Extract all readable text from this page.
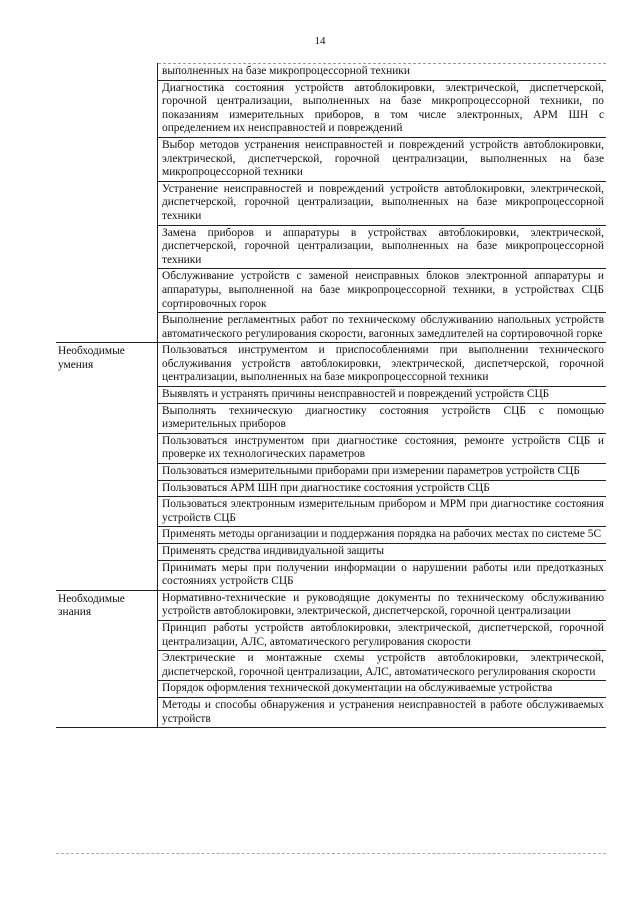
14
выполненных на базе микропроцессорной техники
Диагностика состояния устройств автоблокировки, электрической, диспетчерской, горочной централизации, выполненных на базе микропроцессорной техники, по показаниям измерительных приборов, в том числе электронных, АРМ ШН с определением их неисправностей и повреждений
Выбор методов устранения неисправностей и повреждений устройств автоблокировки, электрической, диспетчерской, горочной централизации, выполненных на базе микропроцессорной техники
Устранение неисправностей и повреждений устройств автоблокировки, электрической, диспетчерской, горочной централизации, выполненных на базе микропроцессорной техники
Замена приборов и аппаратуры в устройствах автоблокировки, электрической, диспетчерской, горочной централизации, выполненных на базе микропроцессорной техники
Обслуживание устройств с заменой неисправных блоков электронной аппаратуры и аппаратуры, выполненной на базе микропроцессорной техники, в устройствах СЦБ сортировочных горок
Выполнение регламентных работ по техническому обслуживанию напольных устройств автоматического регулирования скорости, вагонных замедлителей на сортировочной горке
Необходимые умения
Пользоваться инструментом и приспособлениями при выполнении технического обслуживания устройств автоблокировки, электрической, диспетчерской, горочной централизации, выполненных на базе микропроцессорной техники
Выявлять и устранять причины неисправностей и повреждений устройств СЦБ
Выполнять техническую диагностику состояния устройств СЦБ с помощью измерительных приборов
Пользоваться инструментом при диагностике состояния, ремонте устройств СЦБ и проверке их технологических параметров
Пользоваться измерительными приборами при измерении параметров устройств СЦБ
Пользоваться АРМ ШН при диагностике состояния устройств СЦБ
Пользоваться электронным измерительным прибором и МРМ при диагностике состояния устройств СЦБ
Применять методы организации и поддержания порядка на рабочих местах по системе 5С
Применять средства индивидуальной защиты
Принимать меры при получении информации о нарушении работы или предотказных состояниях устройств СЦБ
Необходимые знания
Нормативно-технические и руководящие документы по техническому обслуживанию устройств автоблокировки, электрической, диспетчерской, горочной централизации
Принцип работы устройств автоблокировки, электрической, диспетчерской, горочной централизации, АЛС, автоматического регулирования скорости
Электрические и монтажные схемы устройств автоблокировки, электрической, диспетчерской, горочной централизации, АЛС, автоматического регулирования скорости
Порядок оформления технической документации на обслуживаемые устройства
Методы и способы обнаружения и устранения неисправностей в работе обслуживаемых устройств
